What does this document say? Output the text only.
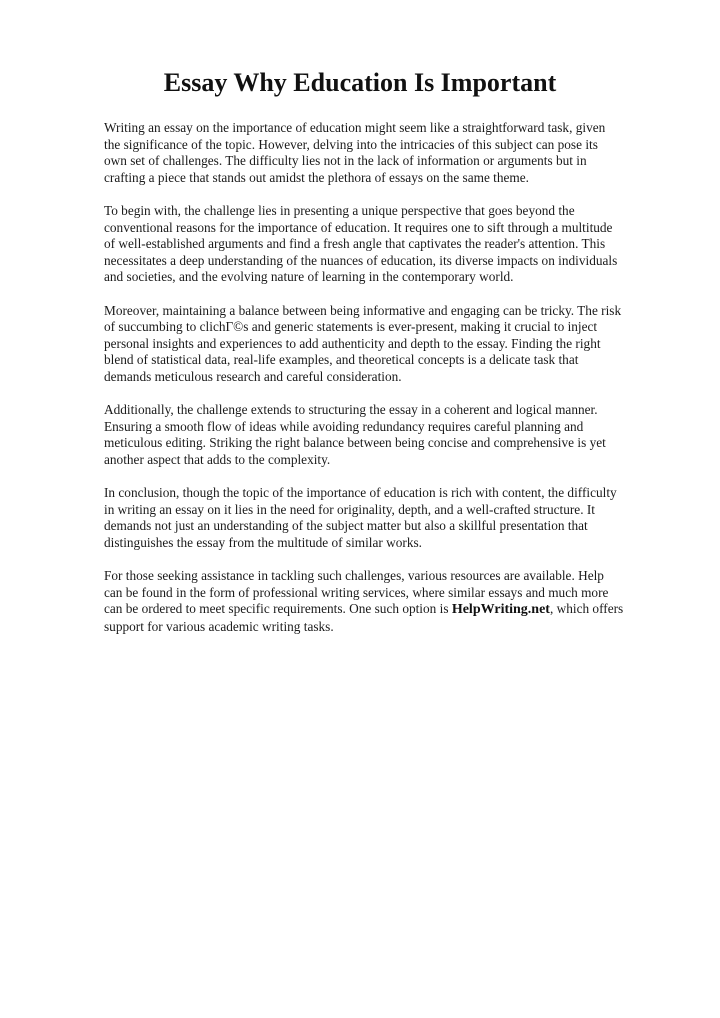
Essay Why Education Is Important

Writing an essay on the importance of education might seem like a straightforward task, given the significance of the topic. However, delving into the intricacies of this subject can pose its own set of challenges. The difficulty lies not in the lack of information or arguments but in crafting a piece that stands out amidst the plethora of essays on the same theme.

To begin with, the challenge lies in presenting a unique perspective that goes beyond the conventional reasons for the importance of education. It requires one to sift through a multitude of well-established arguments and find a fresh angle that captivates the reader's attention. This necessitates a deep understanding of the nuances of education, its diverse impacts on individuals and societies, and the evolving nature of learning in the contemporary world.

Moreover, maintaining a balance between being informative and engaging can be tricky. The risk of succumbing to clichГ©s and generic statements is ever-present, making it crucial to inject personal insights and experiences to add authenticity and depth to the essay. Finding the right blend of statistical data, real-life examples, and theoretical concepts is a delicate task that demands meticulous research and careful consideration.

Additionally, the challenge extends to structuring the essay in a coherent and logical manner. Ensuring a smooth flow of ideas while avoiding redundancy requires careful planning and meticulous editing. Striking the right balance between being concise and comprehensive is yet another aspect that adds to the complexity.

In conclusion, though the topic of the importance of education is rich with content, the difficulty in writing an essay on it lies in the need for originality, depth, and a well-crafted structure. It demands not just an understanding of the subject matter but also a skillful presentation that distinguishes the essay from the multitude of similar works.

For those seeking assistance in tackling such challenges, various resources are available. Help can be found in the form of professional writing services, where similar essays and much more can be ordered to meet specific requirements. One such option is HelpWriting.net, which offers support for various academic writing tasks.
